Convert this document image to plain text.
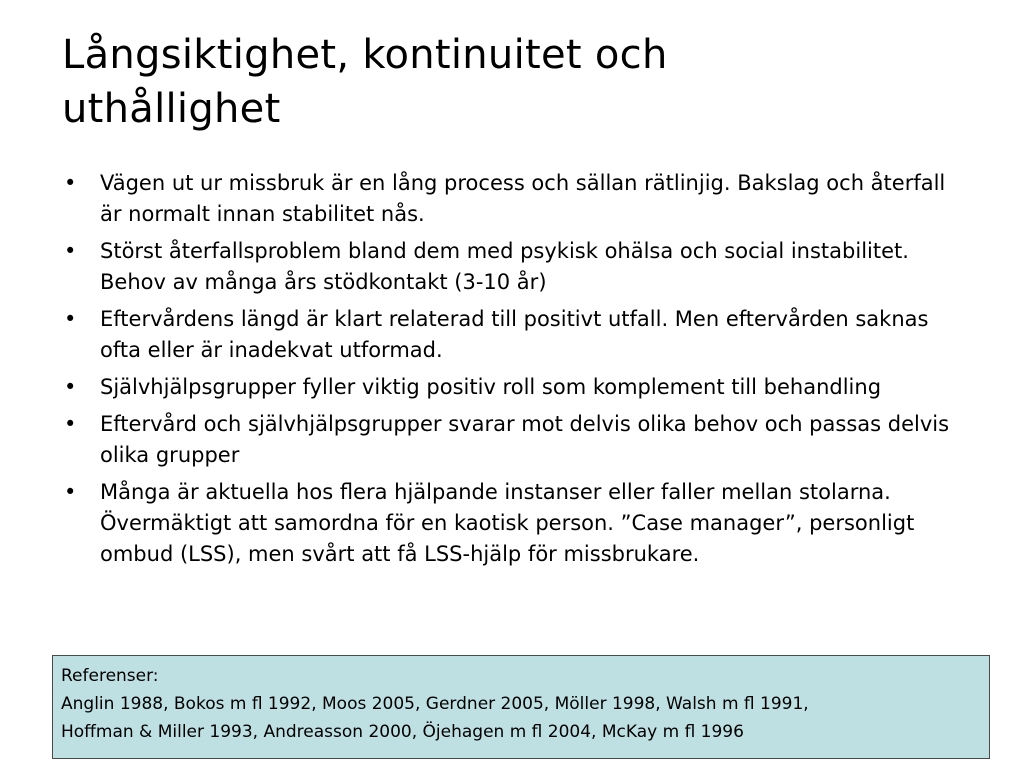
Långsiktighet, kontinuitet och
uthållighet
•	Vägen ut ur missbruk är en lång process och sällan rätlinjig. Bakslag och återfall är normalt innan stabilitet nås.
•	Störst återfallsproblem bland dem med psykisk ohälsa och social instabilitet. Behov av många års stödkontakt (3-10 år)
•	Eftervårdens längd är klart relaterad till positivt utfall. Men eftervården saknas ofta eller är inadekvat utformad.
•	Självhjälpsgrupper fyller viktig positiv roll som komplement till behandling
•	Eftervård och självhjälpsgrupper svarar mot delvis olika behov och passas delvis olika grupper
•	Många är aktuella hos flera hjälpande instanser eller faller mellan stolarna. Övermäktigt att samordna för en kaotisk person. ”Case manager”, personligt ombud (LSS), men svårt att få LSS-hjälp för missbrukare.
Referenser:
Anglin 1988, Bokos m fl 1992, Moos 2005, Gerdner 2005, Möller 1998, Walsh m fl 1991,
Hoffman & Miller 1993, Andreasson 2000, Öjehagen m fl 2004, McKay m fl 1996
